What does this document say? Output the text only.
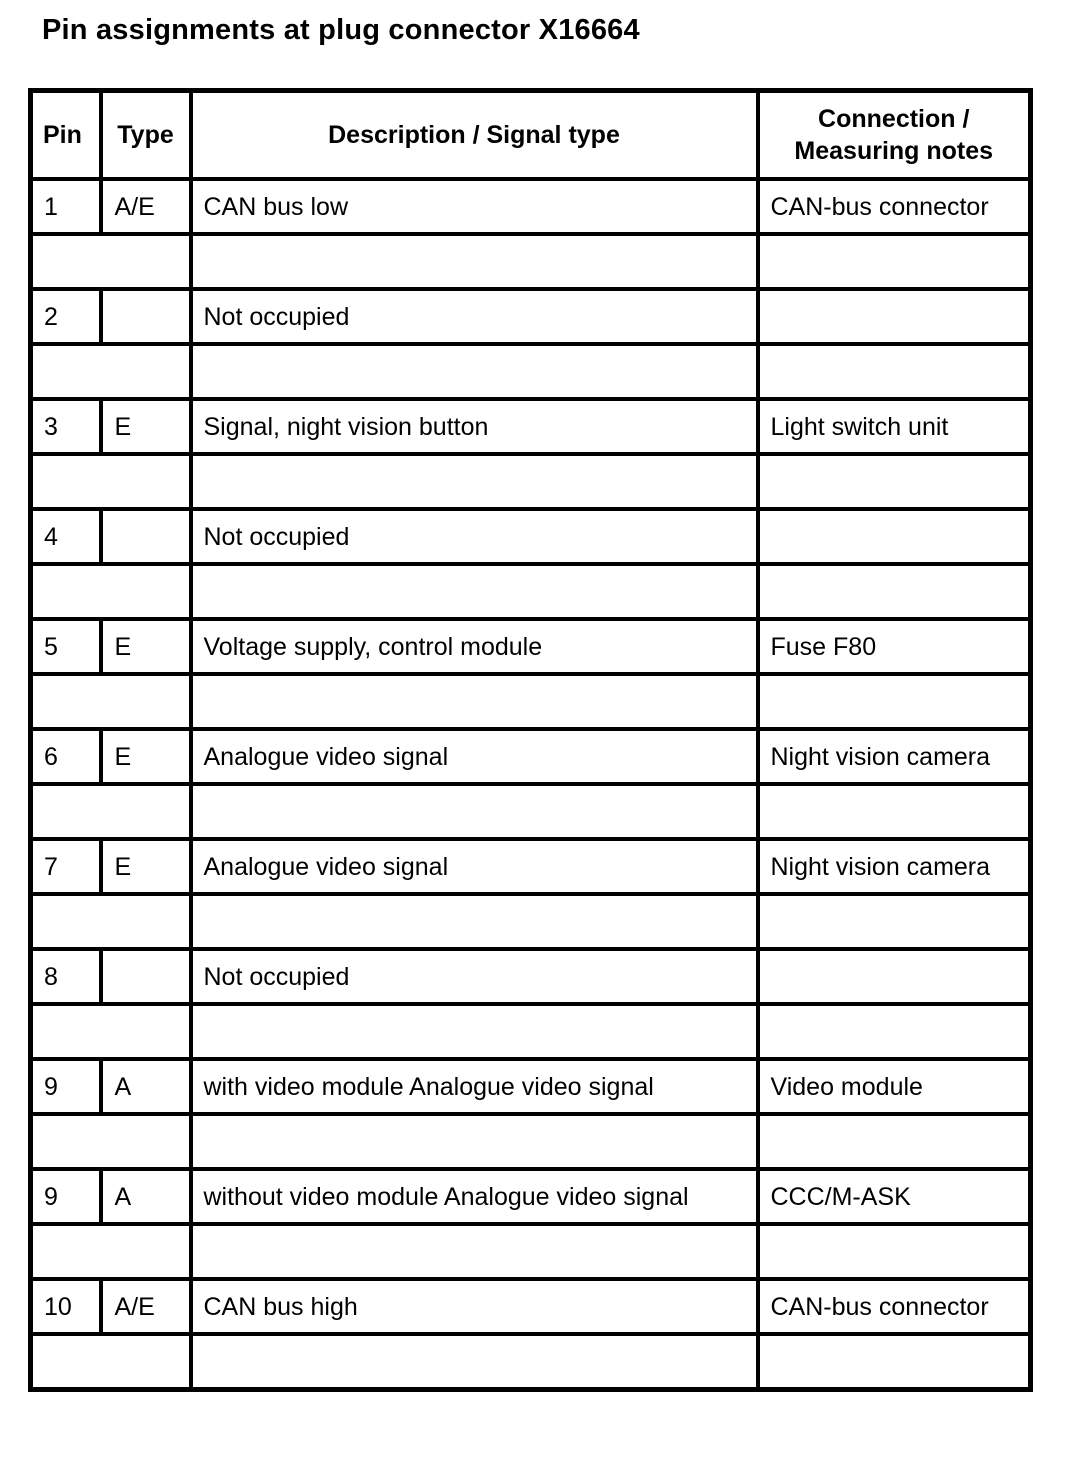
Pin assignments at plug connector X16664
Pin	Type	Description / Signal type	Connection / Measuring notes
1	A/E	CAN bus low	CAN-bus connector

2		Not occupied	

3	E	Signal, night vision button	Light switch unit

4		Not occupied	

5	E	Voltage supply, control module	Fuse F80

6	E	Analogue video signal	Night vision camera

7	E	Analogue video signal	Night vision camera

8		Not occupied	

9	A	with video module Analogue video signal	Video module

9	A	without video module Analogue video signal	CCC/M-ASK

10	A/E	CAN bus high	CAN-bus connector
